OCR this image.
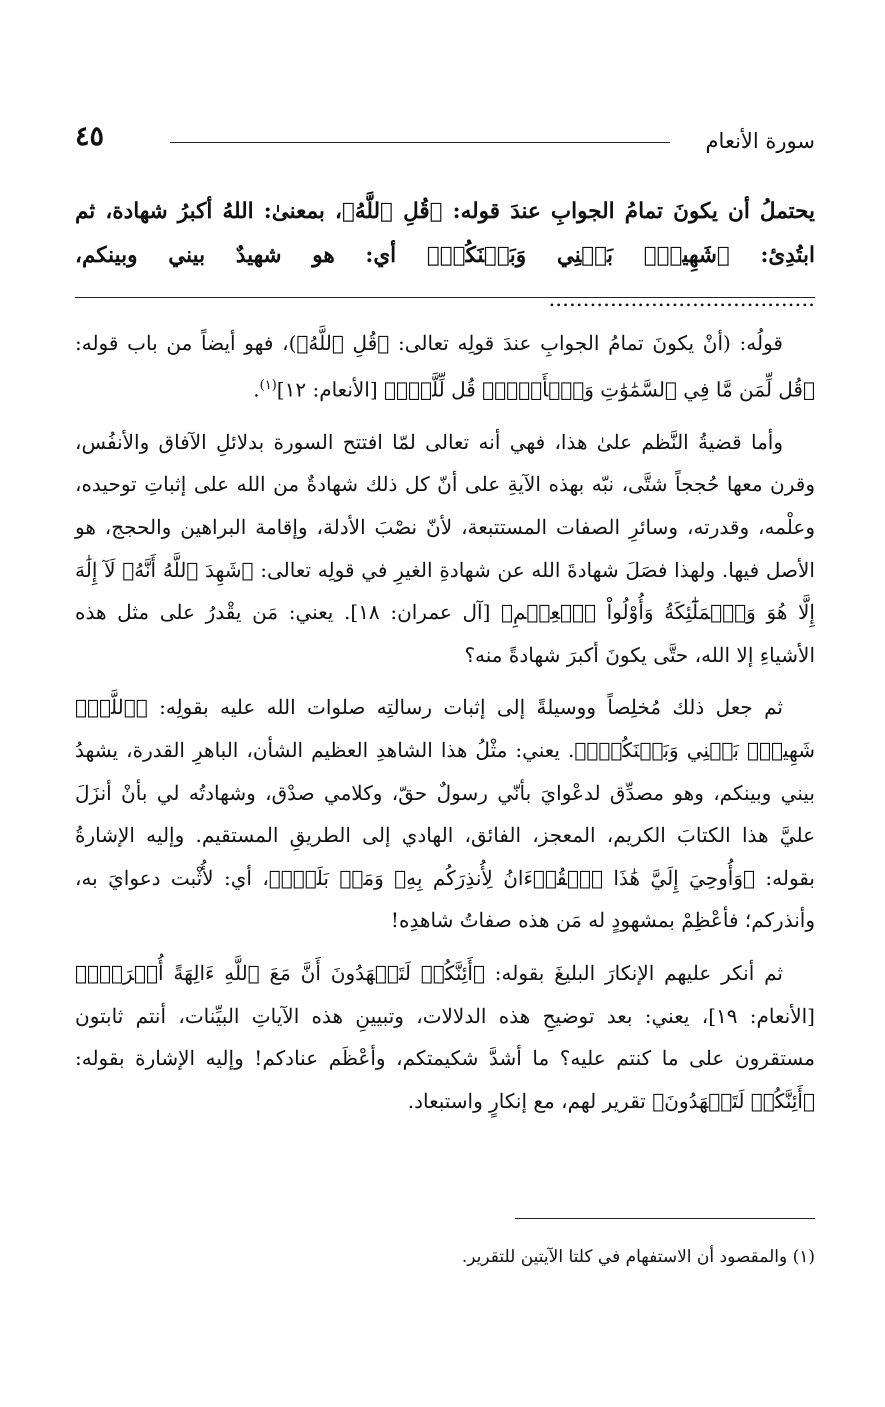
سورة الأنعام
٤٥
يحتملُ أن يكونَ تمامُ الجوابِ عندَ قوله: ﴿قُلِ ٱللَّهُ﴾، بمعنىٰ: اللهُ أكبرُ شهادة، ثم ابتُدِئ: ﴿شَهِيدٌۢ بَيۡنِي وَبَيۡنَكُمۡ﴾ أي: هو شهيدٌ بيني وبينكم، .......................................

قولُه: (أنْ يكونَ تمامُ الجوابِ عندَ قولِه تعالى: ﴿قُلِ ٱللَّهُ﴾)، فهو أيضاً من باب قوله: ﴿قُل لِّمَن مَّا فِي ٱلسَّمَٰوَٰتِ وَٱلۡأَرۡضِۖ قُل لِّلَّهِۚ﴾ [الأنعام: ١٢]$^{(١)}$.

وأما قضيةُ النَّظم علىٰ هذا، فهي أنه تعالى لمّا افتتح السورة بدلائلِ الآفاق والأنفُس، وقرن معها حُججاً شتَّى، نبّه بهذه الآيةِ على أنّ كل ذلك شهادةٌ من الله على إثباتِ توحيده، وعلْمه، وقدرته، وسائرِ الصفات المستتبعة، لأنّ نصْبَ الأدلة، وإقامة البراهين والحجج، هو الأصل فيها. ولهذا فصَلَ شهادةَ الله عن شهادةِ الغيرِ في قولِه تعالى: ﴿شَهِدَ ٱللَّهُ أَنَّهُۥ لَآ إِلَٰهَ إِلَّا هُوَ وَٱلۡمَلَٰٓئِكَةُ وَأُوْلُواْ ٱلۡعِلۡمِ﴾ [آل عمران: ١٨]. يعني: مَن يقْدرُ على مثل هذه الأشياءِ إلا الله، حتَّى يكونَ أكبرَ شهادةً منه؟

ثم جعل ذلك مُخلِصاً ووسيلةً إلى إثبات رسالتِه صلوات الله عليه بقولِه: ﴿ٱللَّهُۖ شَهِيدُۢ بَيۡنِي وَبَيۡنَكُمۡۚ﴾. يعني: مثْلُ هذا الشاهدِ العظيم الشأن، الباهرِ القدرة، يشهدُ بيني وبينكم، وهو مصدِّق لدعْوايَ بأنّي رسولٌ حقّ، وكلامي صدْق، وشهادتُه لي بأنْ أنزَلَ عليَّ هذا الكتابَ الكريم، المعجز، الفائق، الهادي إلى الطريقِ المستقيم. وإليه الإشارةُ بقوله: ﴿وَأُوحِيَ إِلَيَّ هَٰذَا ٱلۡقُرۡءَانُ لِأُنذِرَكُم بِهِۦ وَمَنۢ بَلَغَۚ﴾، أي: لأُثْبت دعوايَ به، وأنذركم؛ فأعْظِمْ بمشهودٍ له مَن هذه صفاتُ شاهدِه!

ثم أنكر عليهم الإنكارَ البليغَ بقوله: ﴿أَئِنَّكُمۡ لَتَشۡهَدُونَ أَنَّ مَعَ ٱللَّهِ ءَالِهَةً أُخۡرَىٰۚ﴾ [الأنعام: ١٩]، يعني: بعد توضيحِ هذه الدلالات، وتبيينِ هذه الآياتِ البيِّنات، أنتم ثابتون مستقرون على ما كنتم عليه؟ ما أشدَّ شكيمتكم، وأعْظَم عنادكم! وإليه الإشارة بقوله: ﴿أَئِنَّكُمۡ لَتَشۡهَدُونَ﴾ تقرير لهم، مع إنكارٍ واستبعاد.

(١) والمقصود أن الاستفهام في كلتا الآيتين للتقرير.
